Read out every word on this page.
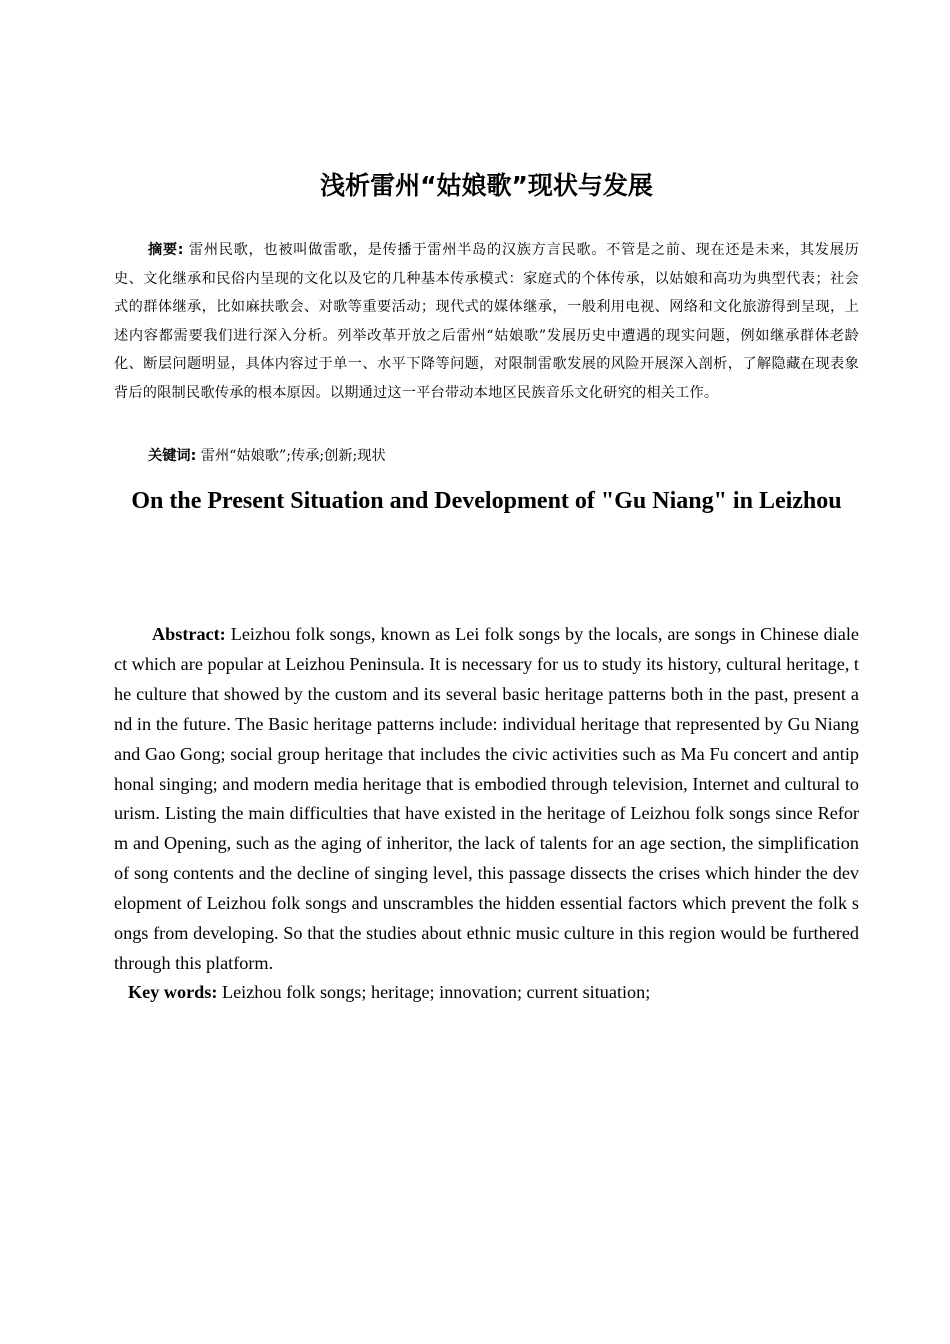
浅析雷州“姑娘歌”现状与发展

摘要: 雷州民歌，也被叫做雷歌，是传播于雷州半岛的汉族方言民歌。不管是之前、现在还是未来，其发展历史、文化继承和民俗内呈现的文化以及它的几种基本传承模式：家庭式的个体传承，以姑娘和高功为典型代表；社会式的群体继承，比如麻扶歌会、对歌等重要活动；现代式的媒体继承，一般利用电视、网络和文化旅游得到呈现，上述内容都需要我们进行深入分析。列举改革开放之后雷州“姑娘歌”发展历史中遭遇的现实问题，例如继承群体老龄化、断层问题明显，具体内容过于单一、水平下降等问题，对限制雷歌发展的风险开展深入剖析，了解隐藏在现表象背后的限制民歌传承的根本原因。以期通过这一平台带动本地区民族音乐文化研究的相关工作。

关键词: 雷州“姑娘歌”;传承;创新;现状

On the Present Situation and Development of "Gu Niang" in Leizhou

Abstract: Leizhou folk songs, known as Lei folk songs by the locals, are songs in Chinese dialect which are popular at Leizhou Peninsula. It is necessary for us to study its history, cultural heritage, the culture that showed by the custom and its several basic heritage patterns both in the past, present and in the future. The Basic heritage patterns include: individual heritage that represented by Gu Niang and Gao Gong; social group heritage that includes the civic activities such as Ma Fu concert and antiphonal singing; and modern media heritage that is embodied through television, Internet and cultural tourism. Listing the main difficulties that have existed in the heritage of Leizhou folk songs since Reform and Opening, such as the aging of inheritor, the lack of talents for an age section, the simplification of song contents and the decline of singing level, this passage dissects the crises which hinder the development of Leizhou folk songs and unscrambles the hidden essential factors which prevent the folk songs from developing. So that the studies about ethnic music culture in this region would be furthered through this platform.

Key words: Leizhou folk songs; heritage; innovation; current situation;
